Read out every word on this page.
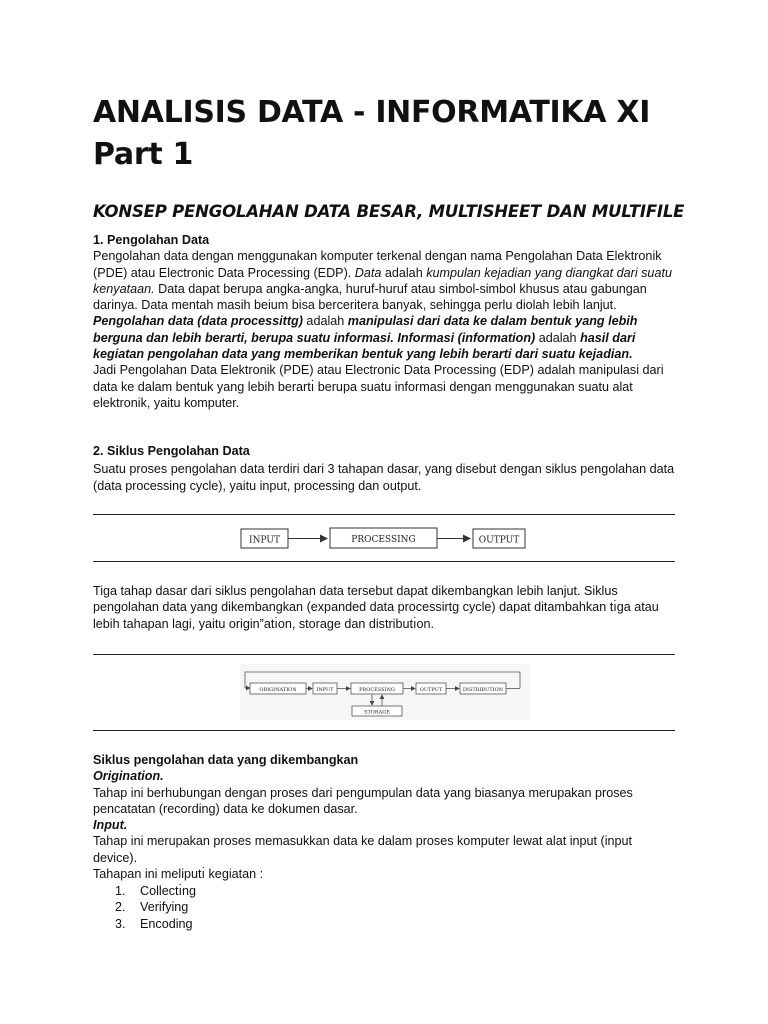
ANALISIS DATA - INFORMATIKA XI Part 1
KONSEP PENGOLAHAN DATA BESAR, MULTISHEET DAN MULTIFILE

1. Pengolahan Data

Pengolahan data dengan menggunakan komputer terkenal dengan nama Pengolahan Data Elektronik (PDE) atau Electronic Data Processing (EDP). Data adalah kumpulan kejadian yang diangkat dari suatu kenyataan. Data dapat berupa angka-angka, huruf-huruf atau simbol-simbol khusus atau gabungan darinya. Data mentah masih beium bisa berceritera banyak, sehingga perlu diolah lebih lanjut.

Pengolahan data (data processittg) adalah manipulasi dari data ke dalam bentuk yang lebih berguna dan lebih berarti, berupa suatu informasi. Informasi (information) adalah hasil dari kegiatan pengolahan data yang memberikan bentuk yang lebih berarti dari suatu kejadian.

Jadi Pengolahan Data Elektronik (PDE) atau Electronic Data Processing (EDP) adalah manipulasi dari data ke dalam bentuk yang lebih berartı̇ berupa suatu informasi dengan menggunakan suatu alat elektronik, yaitu komputer.

2. Siklus Pengolahan Data

Suatu proses pengolahan data terdiri dari 3 tahapan dasar, yang disebut dengan siklus pengolahan data (data processing cycle), yaitu input, processing dan output.

INPUT	PROCESSING	OUTPUT

Tiga tahap dasar dari siklus pengolahan data tersebut dapat dikembangkan lebih lanjut. Siklus pengolahan data yang dikembangkan (expanded data processirtg cycle) dapat ditambahkan tı̇ga atau lebih tahapan lagi, yaitu origin”atı̇on, storage dan distributı̇on.

ORIGINATION	INPUT	PROCESSING	OUTPUT	DISTRIBUTION
STORAGE

Siklus pengolahan data yang dikembangkan

Origination.

Tahap ini berhubungan dengan proses dari pengumpulan data yang biasanya merupakan proses pencatatan (recording) data ke dokumen dasar.

Input.

Tahap ini merupakan proses memasukkan data ke dalam proses komputer lewat alat input (input device).

Tahapan ini meliputı̇ kegiatan :

1.	Collectı̇ng
2.	Verifying
3.	Encoding
